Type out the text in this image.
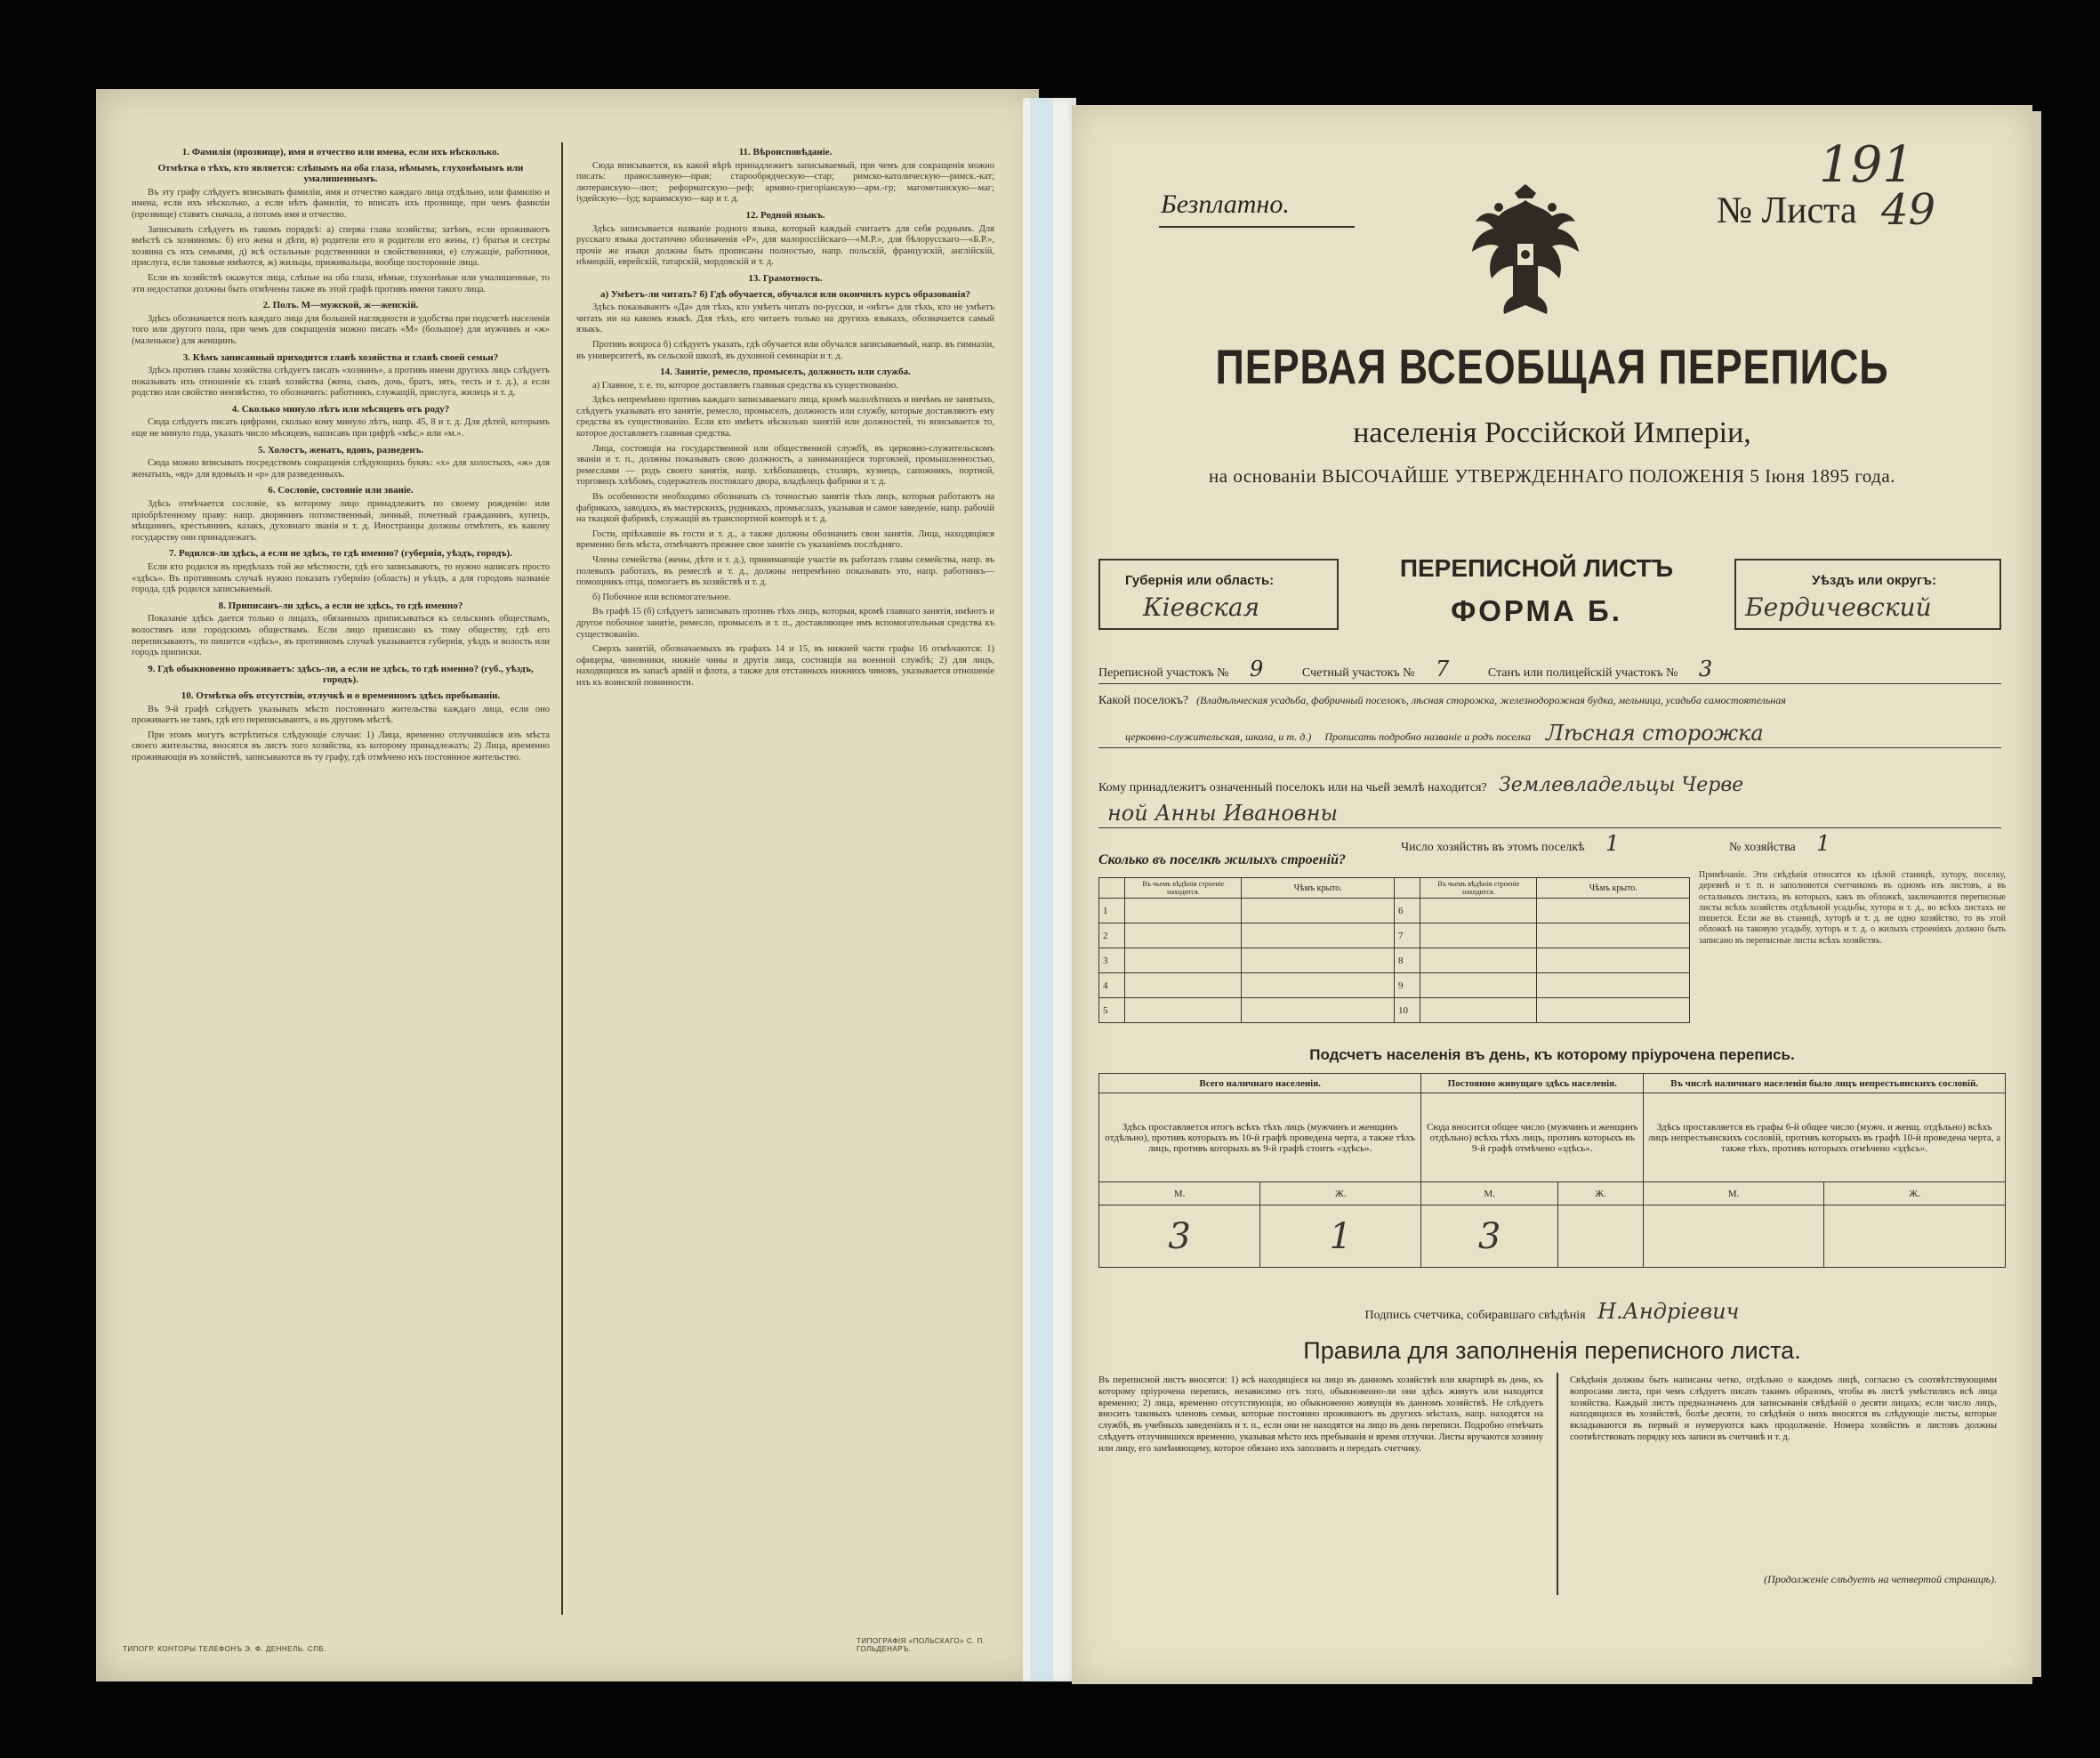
1. Фамилія (прозвище), имя и отчество или имена, если ихъ нѣсколько.

Отмѣтка о тѣхъ, кто является: слѣпымъ на оба глаза, нѣмымъ, глухонѣмымъ или умалишеннымъ.

Въ эту графу слѣдуетъ вписывать фамиліи, имя и отчество каждаго лица отдѣльно, или фамилію и имена, если ихъ нѣсколько, а если нѣтъ фамиліи, то вписать ихъ прозвище, при чемъ фамиліи (прозвище) ставятъ сначала, а потомъ имя и отчество.

Записывать слѣдуетъ въ такомъ порядкѣ: а) сперва глава хозяйства; затѣмъ, если проживаютъ вмѣстѣ съ хозяиномъ: б) его жена и дѣти, в) родители его и родители его жены, г) братья и сестры хозяина съ ихъ семьями, д) всѣ остальные родственники и свойственники, е) служащіе, работники, прислуга, если таковые имѣются, ж) жильцы, приживальцы, вообще посторонніе лица.

Если въ хозяйствѣ окажутся лица, слѣпые на оба глаза, нѣмые, глухонѣмые или умалишенные, то эти недостатки должны быть отмѣчены также въ этой графѣ противъ имени такого лица.

2. Полъ. М—мужской, ж—женскій.

Здѣсь обозначается полъ каждаго лица для большей наглядности и удобства при подсчетѣ населенія того или другого пола, при чемъ для сокращенія можно писать «М» (большое) для мужчинъ и «ж» (маленькое) для женщинъ.

3. Кѣмъ записанный приходится главѣ хозяйства и главѣ своей семьи?

Здѣсь противъ главы хозяйства слѣдуетъ писать «хозяинъ», а противъ имени другихъ лицъ слѣдуетъ показывать ихъ отношеніе къ главѣ хозяйства (жена, сынъ, дочь, братъ, зять, тесть и т. д.), а если родство или свойство неизвѣстно, то обозначить: работникъ, служащій, прислуга, жилецъ и т. д.

4. Сколько минуло лѣтъ или мѣсяцевъ отъ роду?

Сюда слѣдуетъ писать цифрами, сколько кому минуло лѣтъ, напр. 45, 8 и т. д. Для дѣтей, которымъ еще не минуло года, указать число мѣсяцевъ, написавъ при цифрѣ «мѣс.» или «м.».

5. Холостъ, женатъ, вдовъ, разведенъ.

Сюда можно вписывать посредствомъ сокращенія слѣдующихъ буквъ: «х» для холостыхъ, «ж» для женатыхъ, «вд» для вдовыхъ и «р» для разведенныхъ.

6. Сословіе, состояніе или званіе.

Здѣсь отмѣчается сословіе, къ которому лицо принадлежитъ по своему рожденію или пріобрѣтенному праву: напр. дворянинъ потомственный, личный, почетный гражданинъ, купецъ, мѣщанинъ, крестьянинъ, казакъ, духовнаго званія и т. д. Иностранцы должны отмѣтить, къ какому государству они принадлежатъ.

7. Родился-ли здѣсь, а если не здѣсь, то гдѣ именно? (губернія, уѣздъ, городъ).

Если кто родился въ предѣлахъ той же мѣстности, гдѣ его записываютъ, то нужно написать просто «здѣсь». Въ противномъ случаѣ нужно показать губернію (область) и уѣздъ, а для городовъ названіе города, гдѣ родился записываемый.

8. Приписанъ-ли здѣсь, а если не здѣсь, то гдѣ именно?

Показаніе здѣсь дается только о лицахъ, обязанныхъ приписываться къ сельскимъ обществамъ, волостямъ или городскимъ обществамъ. Если лицо приписано къ тому обществу, гдѣ его переписываютъ, то пишется «здѣсь», въ противномъ случаѣ указывается губернія, уѣздъ и волость или городъ приписки.

9. Гдѣ обыкновенно проживаетъ: здѣсь-ли, а если не здѣсь, то гдѣ именно? (губ., уѣздъ, городъ).

10. Отмѣтка объ отсутствіи, отлучкѣ и о временномъ здѣсь пребываніи.

Въ 9-й графѣ слѣдуетъ указывать мѣсто постояннаго жительства каждаго лица, если оно проживаетъ не тамъ, гдѣ его переписываютъ, а въ другомъ мѣстѣ.

При этомъ могутъ встрѣтиться слѣдующіе случаи: 1) Лица, временно отлучившіяся изъ мѣста своего жительства, вносятся въ листъ того хозяйства, къ которому принадлежатъ; 2) Лица, временно проживающія въ хозяйствѣ, записываются въ ту графу, гдѣ отмѣчено ихъ постоянное жительство.

11. Вѣроисповѣданіе.

Сюда вписывается, къ какой вѣрѣ принадлежитъ записываемый, при чемъ для сокращенія можно писать: православную—прав; старообрядческую—стар; римско-католическую—римск.-кат; лютеранскую—лют; реформатскую—реф; армяно-григоріанскую—арм.-гр; магометанскую—маг; іудейскую—іуд; караимскую—кар и т. д.

12. Родной языкъ.

Здѣсь записывается названіе родного языка, который каждый считаетъ для себя роднымъ. Для русскаго языка достаточно обозначенія «Р», для малороссійскаго—«М.Р.», для бѣлорусскаго—«Б.Р.», прочіе же языки должны быть прописаны полностью, напр. польскій, французскій, англійскій, нѣмецкій, еврейскій, татарскій, мордовскій и т. д.

13. Грамотность.

а) Умѣетъ-ли читать? б) Гдѣ обучается, обучался или окончилъ курсъ образованія?

Здѣсь показываютъ «Да» для тѣхъ, кто умѣетъ читать по-русски, и «нѣтъ» для тѣхъ, кто не умѣетъ читать ни на какомъ языкѣ. Для тѣхъ, кто читаетъ только на другихъ языкахъ, обозначается самый языкъ.

Противъ вопроса б) слѣдуетъ указать, гдѣ обучается или обучался записываемый, напр. въ гимназіи, въ университетѣ, въ сельской школѣ, въ духовной семинаріи и т. д.

14. Занятіе, ремесло, промыселъ, должность или служба.

а) Главное, т. е. то, которое доставляетъ главныя средства къ существованію.

Здѣсь непремѣнно противъ каждаго записываемаго лица, кромѣ малолѣтнихъ и ничѣмъ не занятыхъ, слѣдуетъ указывать его занятіе, ремесло, промыселъ, должность или службу, которые доставляютъ ему средства къ существованію. Если кто имѣетъ нѣсколько занятій или должностей, то вписывается то, которое доставляетъ главныя средства.

Лица, состоящія на государственной или общественной службѣ, въ церковно-служительскомъ званіи и т. п., должны показывать свою должность, а занимающіеся торговлей, промышленностью, ремеслами — родъ своего занятія, напр. хлѣбопашецъ, столяръ, кузнецъ, сапожникъ, портной, торговецъ хлѣбомъ, содержатель постоялаго двора, владѣлецъ фабрики и т. д.

Въ особенности необходимо обозначать съ точностью занятія тѣхъ лицъ, которыя работаютъ на фабрикахъ, заводахъ, въ мастерскихъ, рудникахъ, промыслахъ, указывая и самое заведеніе, напр. рабочій на ткацкой фабрикѣ, служащій въ транспортной конторѣ и т. д.

Гости, пріѣхавшіе въ гости и т. д., а также должны обозначить свои занятія. Лица, находящіяся временно безъ мѣста, отмѣчаютъ прежнее свое занятіе съ указаніемъ послѣдняго.

Члены семейства (жены, дѣти и т. д.), принимающіе участіе въ работахъ главы семейства, напр. въ полевыхъ работахъ, въ ремеслѣ и т. д., должны непремѣнно показывать это, напр. работникъ—помощникъ отца, помогаетъ въ хозяйствѣ и т. д.

б) Побочное или вспомогательное.

Въ графѣ 15 (б) слѣдуетъ записывать противъ тѣхъ лицъ, которыя, кромѣ главнаго занятія, имѣютъ и другое побочное занятіе, ремесло, промыселъ и т. п., доставляющее имъ вспомогательныя средства къ существованію.

Сверхъ занятій, обозначаемыхъ въ графахъ 14 и 15, въ нижней части графы 16 отмѣчаются: 1) офицеры, чиновники, нижніе чины и другія лица, состоящія на военной службѣ; 2) для лицъ, находящихся въ запасѣ армій и флота, а также для отставныхъ нижнихъ чиновъ, указывается отношеніе ихъ къ воинской повинности.

ТИПОГР. КОНТОРЫ ТЕЛЕФОНЪ Э. Ф. ДЕННЕЛЬ. СПБ.
ТИПОГРАФІЯ «ПОЛЬСКАГО» С. П. ГОЛЬДЕНАРЪ.
191
Безплатно.	№ Листа 49
ПЕРВАЯ ВСЕОБЩАЯ ПЕРЕПИСЬ
населенія Россійской Имперіи,
на основаніи ВЫСОЧАЙШЕ УТВЕРЖДЕННАГО ПОЛОЖЕНІЯ 5 Іюня 1895 года.
Губернія или область:
Кіевская
ПЕРЕПИСНОЙ ЛИСТЪ
ФОРМА Б.
Уѣздъ или округъ:
Бердичевский
Переписной участокъ № 9	Счетный участокъ № 7	Станъ или полицейскій участокъ № 3
Какой поселокъ? (Владѣльческая усадьба, фабричный поселокъ, лѣсная сторожка, железнодорожная будка, мельница, усадьба самостоятельная
церковно-служительская, школа, и т. д.) Прописать подробно названіе и родъ поселка Лѣсная сторожка
Кому принадлежитъ означенный поселокъ или на чьей землѣ находится? Землевладельцы Черве
ной Анны Ивановны
Число хозяйствъ въ этомъ поселкѣ 1	№ хозяйства 1
Сколько въ поселкѣ жилыхъ строеній?
	Въ чьемъ вѣдѣніи строеніе находится.	Чѣмъ крыто.		Въ чьемъ вѣдѣніи строеніе находится.	Чѣмъ крыто.
1			6		
2			7		
3			8		
4			9		
5			10		
Примѣчаніе. Эти свѣдѣнія относятся къ цѣлой станицѣ, хутору, поселку, деревнѣ и т. п. и заполняются счетчикомъ въ одномъ изъ листовъ, а въ остальныхъ листахъ, въ которыхъ, какъ въ обложкѣ, заключаются переписные листы всѣхъ хозяйствъ отдѣльной усадьбы, хутора и т. д., во всѣхъ листахъ не пишется. Если же въ станицѣ, хуторѣ и т. д. не одно хозяйство, то въ этой обложкѣ на таковую усадьбу, хуторъ и т. д. о жилыхъ строеніяхъ должно быть записано въ переписные листы всѣхъ хозяйствъ.
Подсчетъ населенія въ день, къ которому пріурочена перепись.
Всего наличнаго населенія.		Постоянно живущаго здѣсь населенія.		Въ числѣ наличнаго населенія было лицъ непрестьянскихъ сословій.	
Здѣсь проставляется итогъ всѣхъ тѣхъ лицъ (мужчинъ и женщинъ отдѣльно), противъ которыхъ въ 10-й графѣ проведена черта, а также тѣхъ лицъ, противъ которыхъ въ 9-й графѣ стоитъ «здѣсь».		Сюда вносится общее число (мужчинъ и женщинъ отдѣльно) всѣхъ тѣхъ лицъ, противъ которыхъ въ 9-й графѣ отмѣчено «здѣсь».		Здѣсь проставляется въ графы 6-й общее число (мужч. и женщ. отдѣльно) всѣхъ лицъ непрестьянскихъ сословій, противъ которыхъ въ графѣ 10-й проведена черта, а также тѣхъ, противъ которыхъ отмѣчено «здѣсь».	
М.	Ж.	М.	Ж.	М.	Ж.
3	1	3			
Подпись счетчика, собиравшаго свѣдѣнія Н.Андрiевич
Правила для заполненія переписного листа.
Въ переписной листъ вносятся: 1) всѣ находящіеся на лицо въ данномъ хозяйствѣ или квартирѣ въ день, къ которому пріурочена перепись, независимо отъ того, обыкновенно-ли они здѣсь живутъ или находятся временно; 2) лица, временно отсутствующія, но обыкновенно живущія въ данномъ хозяйствѣ. Не слѣдуетъ вносить таковыхъ членовъ семьи, которые постоянно проживаютъ въ другихъ мѣстахъ, напр. находятся на службѣ, въ учебныхъ заведеніяхъ и т. п., если они не находятся на лицо въ день переписи. Подробно отмѣчать слѣдуетъ отлучившихся временно, указывая мѣсто ихъ пребыванія и время отлучки. Листы вручаются хозяину или лицу, его замѣняющему, которое обязано ихъ заполнить и передать счетчику.
Свѣдѣнія должны быть написаны четко, отдѣльно о каждомъ лицѣ, согласно съ соотвѣтствующими вопросами листа, при чемъ слѣдуетъ писать такимъ образомъ, чтобы въ листѣ умѣстились всѣ лица хозяйства. Каждый листъ предназначенъ для записыванія свѣдѣній о десяти лицахъ; если число лицъ, находящихся въ хозяйствѣ, болѣе десяти, то свѣдѣнія о нихъ вносятся въ слѣдующіе листы, которые вкладываются въ первый и нумеруются какъ продолженіе. Номера хозяйствъ и листовъ должны соотвѣтствовать порядку ихъ записи въ счетчикѣ и т. д.
(Продолженіе слѣдуетъ на четвертой страницѣ).
